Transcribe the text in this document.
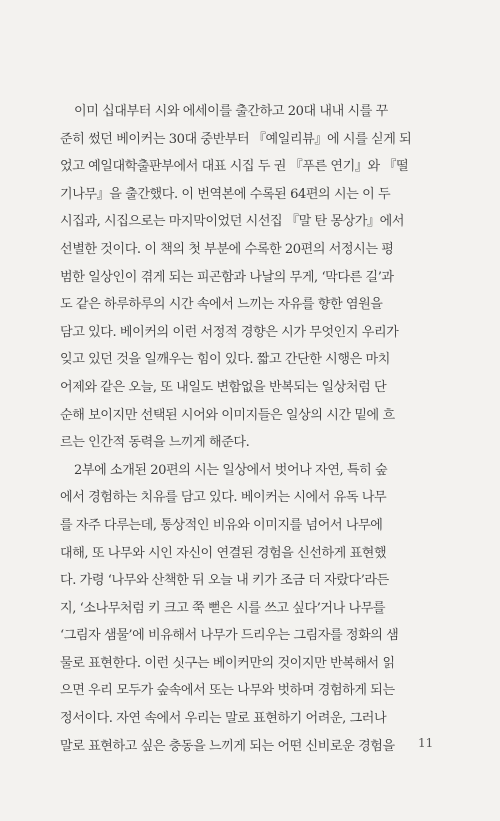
이미 십대부터 시와 에세이를 출간하고 20대 내내 시를 꾸
준히 썼던 베이커는 30대 중반부터 『예일리뷰』에 시를 싣게 되
었고 예일대학출판부에서 대표 시집 두 권 『푸른 연기』와 『떨
기나무』을 출간했다. 이 번역본에 수록된 64편의 시는 이 두
시집과, 시집으로는 마지막이었던 시선집 『말 탄 몽상가』에서
선별한 것이다. 이 책의 첫 부분에 수록한 20편의 서정시는 평
범한 일상인이 겪게 되는 피곤함과 나날의 무게, ‘막다른 길’과
도 같은 하루하루의 시간 속에서 느끼는 자유를 향한 염원을
담고 있다. 베이커의 이런 서정적 경향은 시가 무엇인지 우리가
잊고 있던 것을 일깨우는 힘이 있다. 짧고 간단한 시행은 마치
어제와 같은 오늘, 또 내일도 변함없을 반복되는 일상처럼 단
순해 보이지만 선택된 시어와 이미지들은 일상의 시간 밑에 흐
르는 인간적 동력을 느끼게 해준다.
2부에 소개된 20편의 시는 일상에서 벗어나 자연, 특히 숲
에서 경험하는 치유를 담고 있다. 베이커는 시에서 유독 나무
를 자주 다루는데, 통상적인 비유와 이미지를 넘어서 나무에
대해, 또 나무와 시인 자신이 연결된 경험을 신선하게 표현했
다. 가령 ‘나무와 산책한 뒤 오늘 내 키가 조금 더 자랐다’라든
지, ‘소나무처럼 키 크고 쭉 뻗은 시를 쓰고 싶다’거나 나무를
‘그림자 샘물’에 비유해서 나무가 드리우는 그림자를 정화의 샘
물로 표현한다. 이런 싯구는 베이커만의 것이지만 반복해서 읽
으면 우리 모두가 숲속에서 또는 나무와 벗하며 경험하게 되는
정서이다. 자연 속에서 우리는 말로 표현하기 어려운, 그러나
말로 표현하고 싶은 충동을 느끼게 되는 어떤 신비로운 경험을	11
